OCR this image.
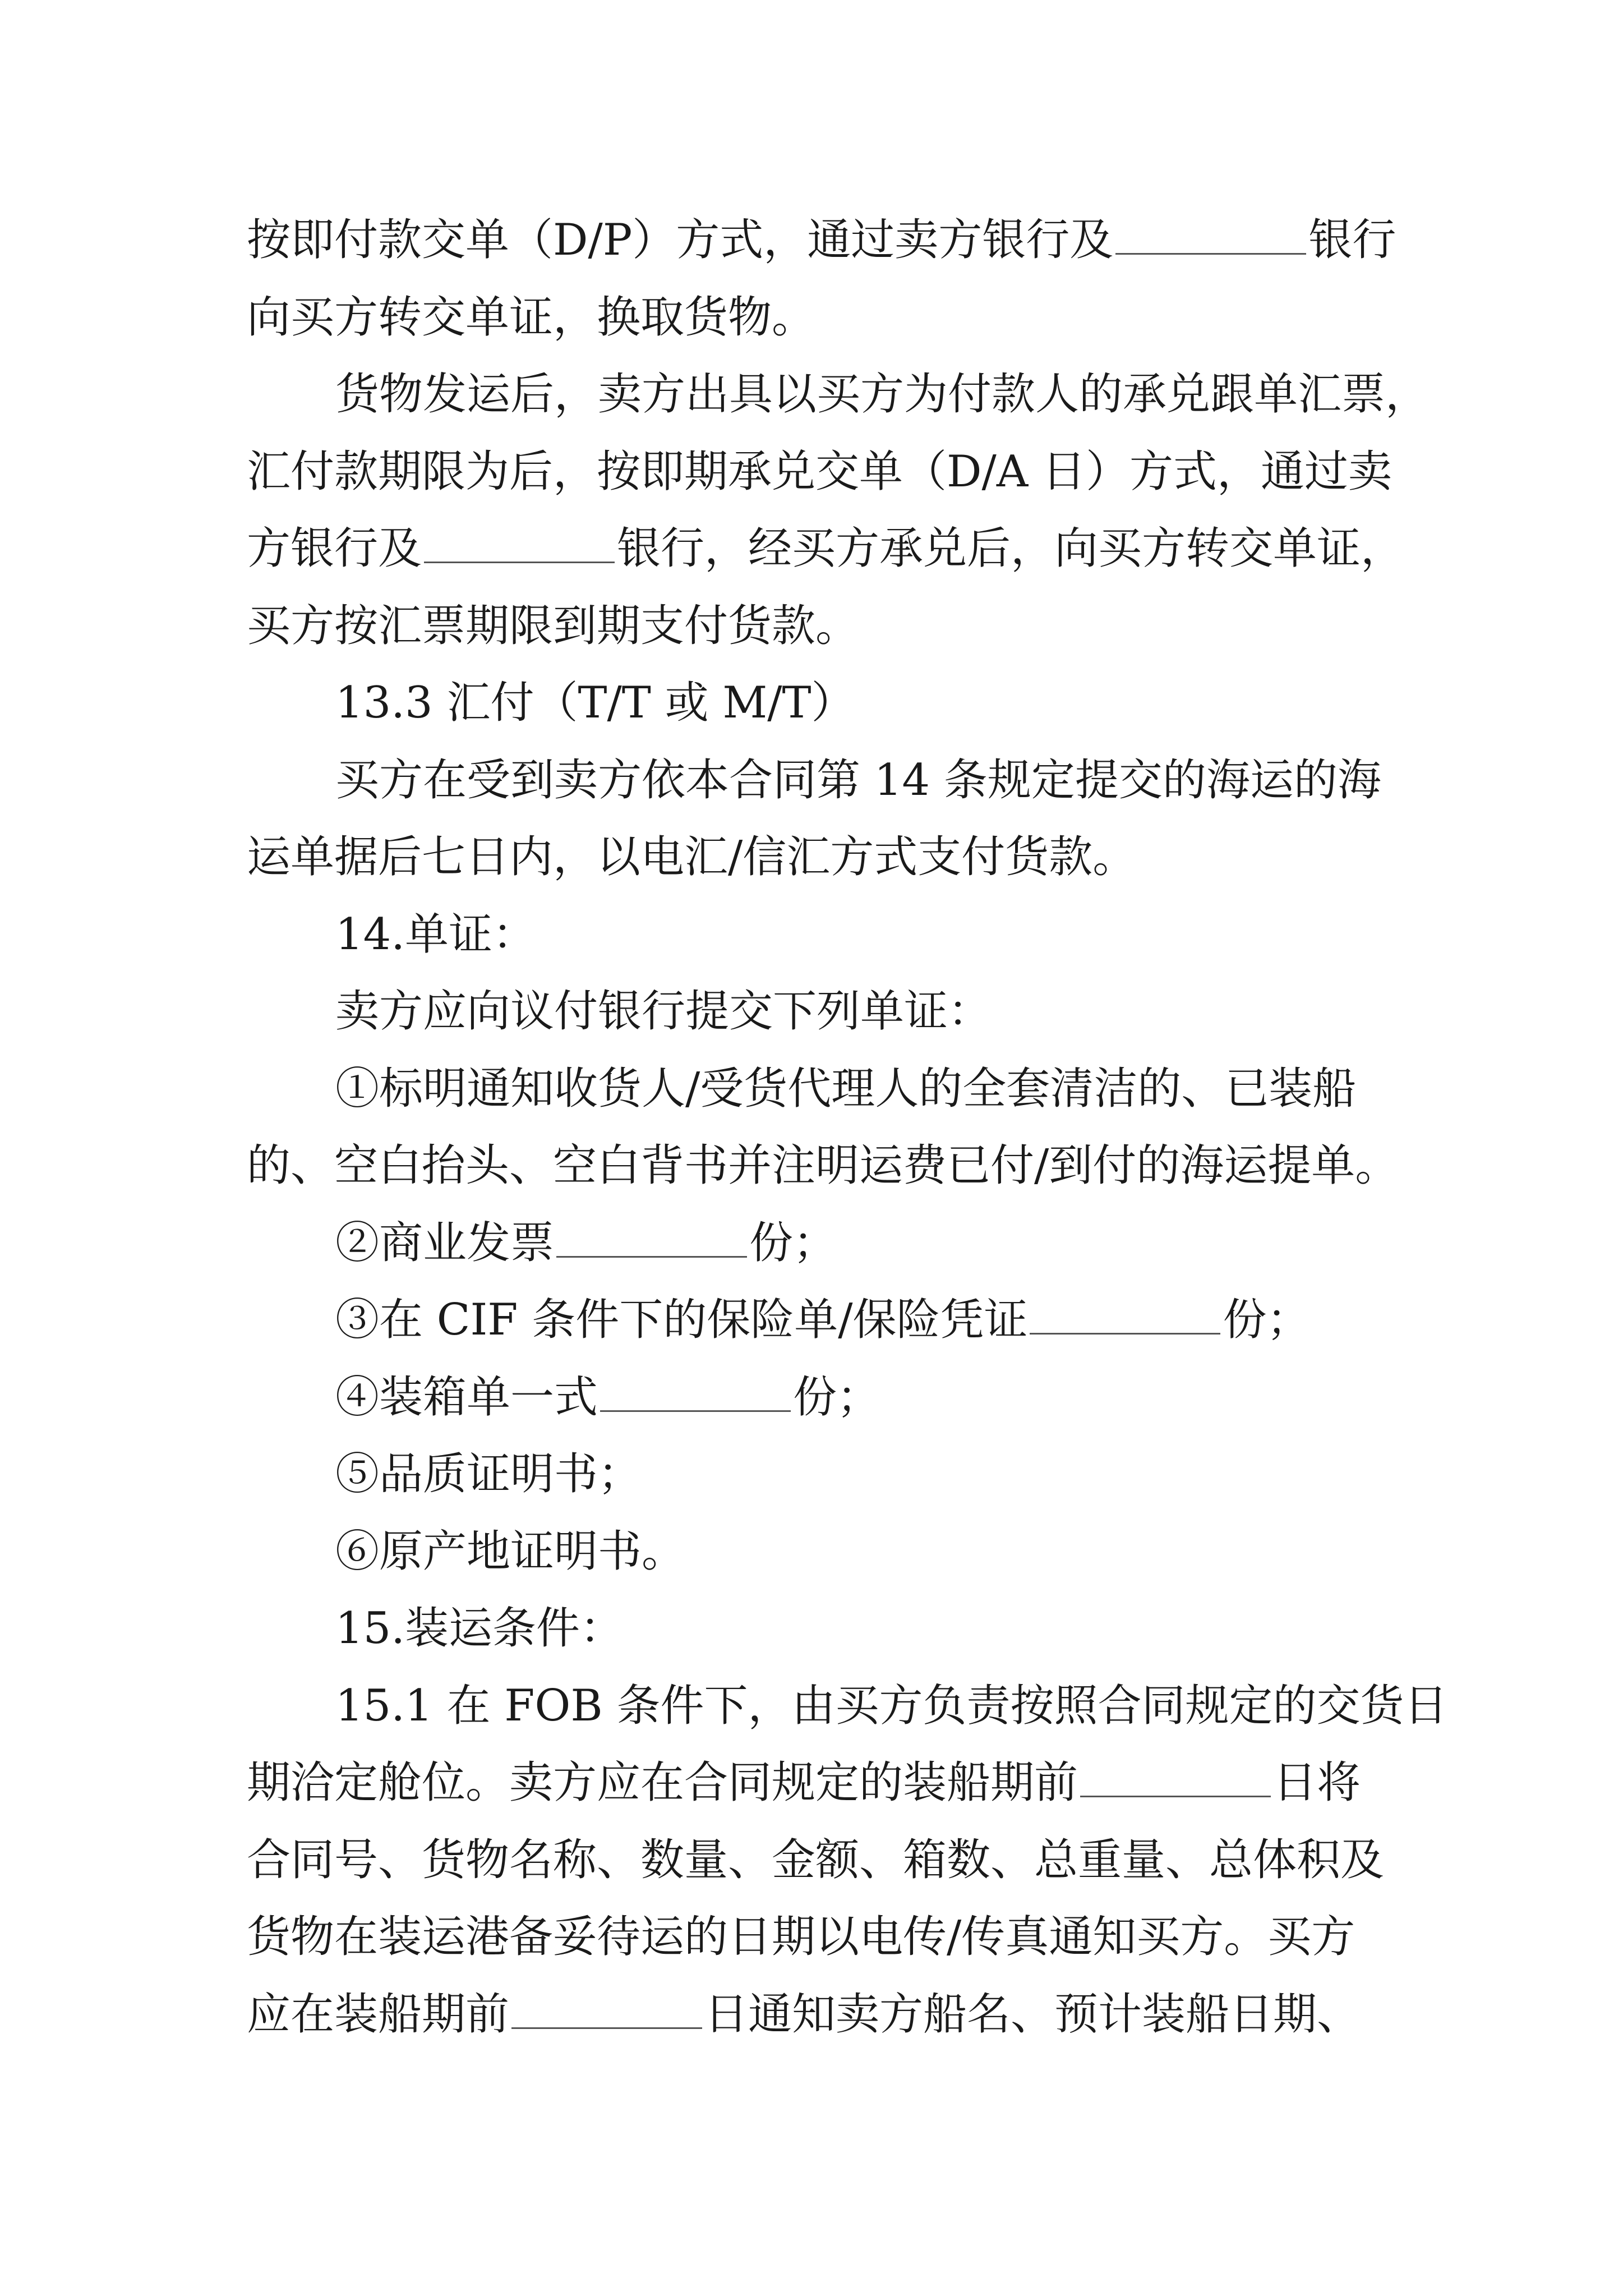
按即付款交单（D/P）方式，通过卖方银行及	银行
向买方转交单证，换取货物。
货物发运后，卖方出具以买方为付款人的承兑跟单汇票，
汇付款期限为后，按即期承兑交单（D/A 日）方式，通过卖
方银行及	银行，经买方承兑后，向买方转交单证，
买方按汇票期限到期支付货款。
13.3 汇付（T/T 或 M/T）
买方在受到卖方依本合同第 14 条规定提交的海运的海
运单据后七日内，以电汇/信汇方式支付货款。
14.单证：
卖方应向议付银行提交下列单证：
①标明通知收货人/受货代理人的全套清洁的、已装船
的、空白抬头、空白背书并注明运费已付/到付的海运提单。
②商业发票	份；
③在 CIF 条件下的保险单/保险凭证	份；
④装箱单一式	份；
⑤品质证明书；
⑥原产地证明书。
15.装运条件：
15.1 在 FOB 条件下，由买方负责按照合同规定的交货日
期洽定舱位。卖方应在合同规定的装船期前	日将
合同号、货物名称、数量、金额、箱数、总重量、总体积及
货物在装运港备妥待运的日期以电传/传真通知买方。买方
应在装船期前	日通知卖方船名、预计装船日期、
